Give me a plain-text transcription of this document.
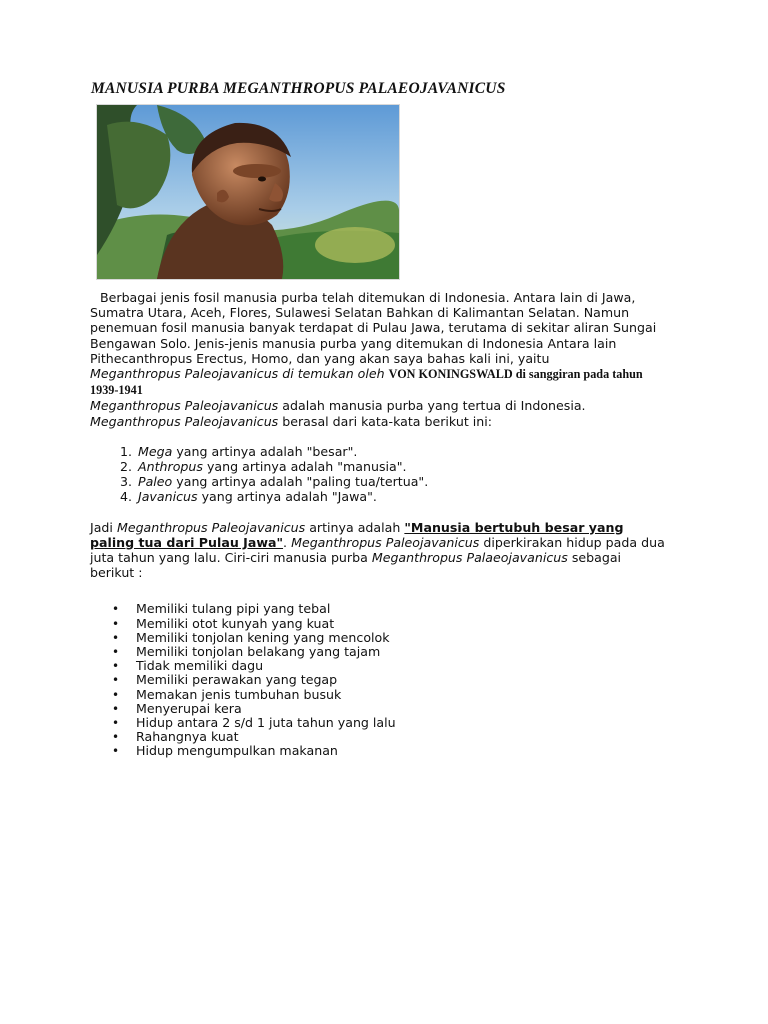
MANUSIA PURBA MEGANTHROPUS PALAEOJAVANICUS

Berbagai jenis fosil manusia purba telah ditemukan di Indonesia. Antara lain di Jawa, Sumatra Utara, Aceh, Flores, Sulawesi Selatan Bahkan di Kalimantan Selatan. Namun penemuan fosil manusia banyak terdapat di Pulau Jawa, terutama di sekitar aliran Sungai Bengawan Solo. Jenis-jenis manusia purba yang ditemukan di Indonesia Antara lain Pithecanthropus Erectus, Homo, dan yang akan saya bahas kali ini, yaitu
Meganthropus Paleojavanicus di temukan oleh VON KONINGSWALD di sanggiran pada tahun 1939-1941
Meganthropus Paleojavanicus adalah manusia purba yang tertua di Indonesia.
Meganthropus Paleojavanicus berasal dari kata-kata berikut ini:

1. Mega yang artinya adalah "besar".
2. Anthropus yang artinya adalah "manusia".
3. Paleo yang artinya adalah "paling tua/tertua".
4. Javanicus yang artinya adalah "Jawa".

Jadi Meganthropus Paleojavanicus artinya adalah "Manusia bertubuh besar yang paling tua dari Pulau Jawa". Meganthropus Paleojavanicus diperkirakan hidup pada dua juta tahun yang lalu. Ciri-ciri manusia purba Meganthropus Palaeojavanicus sebagai berikut :

• Memiliki tulang pipi yang tebal
• Memiliki otot kunyah yang kuat
• Memiliki tonjolan kening yang mencolok
• Memiliki tonjolan belakang yang tajam
• Tidak memiliki dagu
• Memiliki perawakan yang tegap
• Memakan jenis tumbuhan busuk
• Menyerupai kera
• Hidup antara 2 s/d 1 juta tahun yang lalu
• Rahangnya kuat
• Hidup mengumpulkan makanan
